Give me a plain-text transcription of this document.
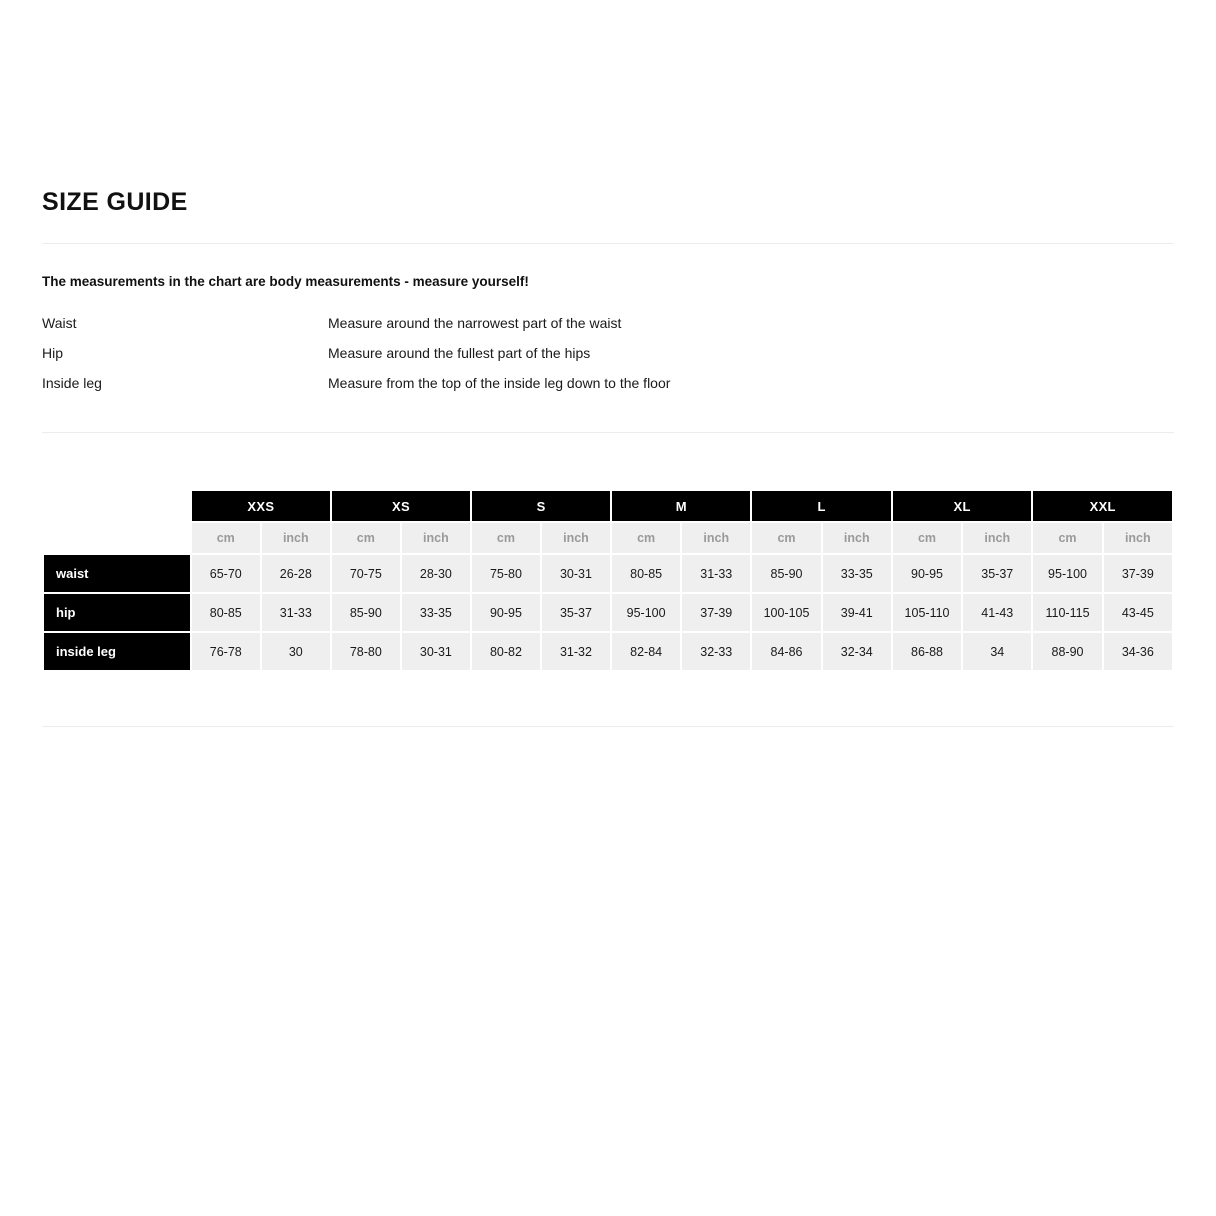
SIZE GUIDE
The measurements in the chart are body measurements - measure yourself!
Waist	Measure around the narrowest part of the waist
Hip	Measure around the fullest part of the hips
Inside leg	Measure from the top of the inside leg down to the floor
	XXS		XS		S		M		L		XL		XXL	
	cm	inch	cm	inch	cm	inch	cm	inch	cm	inch	cm	inch	cm	inch
waist	65-70	26-28	70-75	28-30	75-80	30-31	80-85	31-33	85-90	33-35	90-95	35-37	95-100	37-39
hip	80-85	31-33	85-90	33-35	90-95	35-37	95-100	37-39	100-105	39-41	105-110	41-43	110-115	43-45
inside leg	76-78	30	78-80	30-31	80-82	31-32	82-84	32-33	84-86	32-34	86-88	34	88-90	34-36
